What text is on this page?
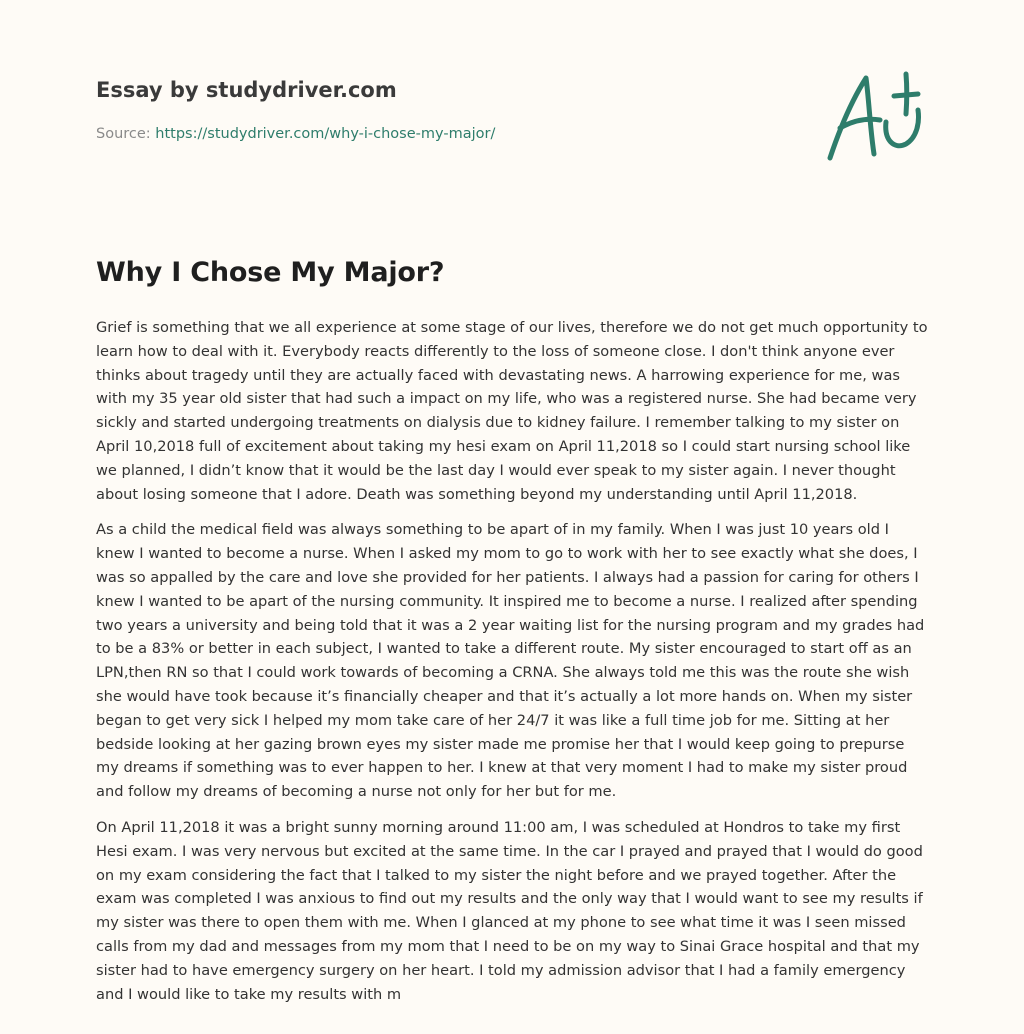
Essay by studydriver.com
Source: https://studydriver.com/why-i-chose-my-major/
Why I Chose My Major?

Grief is something that we all experience at some stage of our lives, therefore we do not get much opportunity to learn how to deal with it. Everybody reacts differently to the loss of someone close. I don't think anyone ever thinks about tragedy until they are actually faced with devastating news. A harrowing experience for me, was with my 35 year old sister that had such a impact on my life, who was a registered nurse. She had became very sickly and started undergoing treatments on dialysis due to kidney failure. I remember talking to my sister on April 10,2018 full of excitement about taking my hesi exam on April 11,2018 so I could start nursing school like we planned, I didn’t know that it would be the last day I would ever speak to my sister again. I never thought about losing someone that I adore. Death was something beyond my understanding until April 11,2018.

As a child the medical field was always something to be apart of in my family. When I was just 10 years old I knew I wanted to become a nurse. When I asked my mom to go to work with her to see exactly what she does, I was so appalled by the care and love she provided for her patients. I always had a passion for caring for others I knew I wanted to be apart of the nursing community. It inspired me to become a nurse. I realized after spending two years a university and being told that it was a 2 year waiting list for the nursing program and my grades had to be a 83% or better in each subject, I wanted to take a different route. My sister encouraged to start off as an LPN,then RN so that I could work towards of becoming a CRNA. She always told me this was the route she wish she would have took because it’s financially cheaper and that it’s actually a lot more hands on. When my sister began to get very sick I helped my mom take care of her 24/7 it was like a full time job for me. Sitting at her bedside looking at her gazing brown eyes my sister made me promise her that I would keep going to prepurse my dreams if something was to ever happen to her. I knew at that very moment I had to make my sister proud and follow my dreams of becoming a nurse not only for her but for me.

On April 11,2018 it was a bright sunny morning around 11:00 am, I was scheduled at Hondros to take my first Hesi exam. I was very nervous but excited at the same time. In the car I prayed and prayed that I would do good on my exam considering the fact that I talked to my sister the night before and we prayed together. After the exam was completed I was anxious to find out my results and the only way that I would want to see my results if my sister was there to open them with me. When I glanced at my phone to see what time it was I seen missed calls from my dad and messages from my mom that I need to be on my way to Sinai Grace hospital and that my sister had to have emergency surgery on her heart. I told my admission advisor that I had a family emergency and I would like to take my results with m
